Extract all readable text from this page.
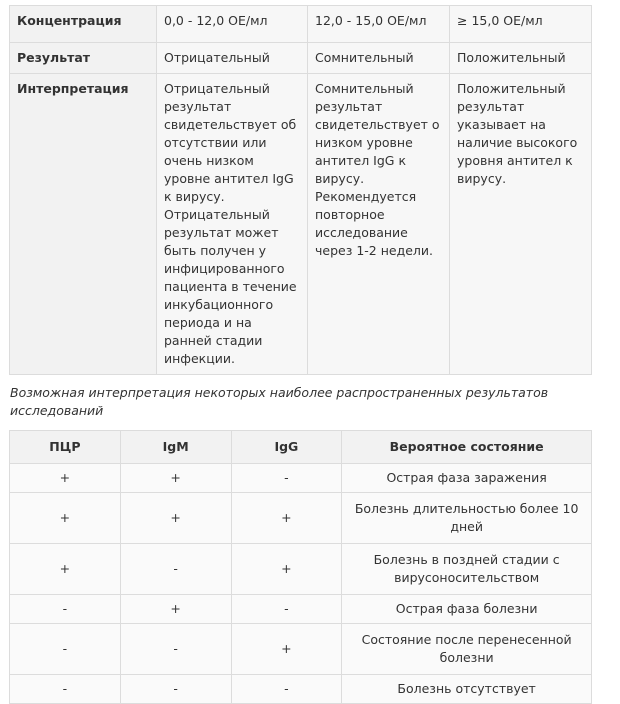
Концентрация	0,0 - 12,0 ОЕ/мл	12,0 - 15,0 ОЕ/мл	≥ 15,0 ОЕ/мл
Результат	Отрицательный	Сомнительный	Положительный
Интерпретация	Отрицательный результат свидетельствует об отсутствии или очень низком уровне антител IgG к вирусу. Отрицательный результат может быть получен у инфицированного пациента в течение инкубационного периода и на ранней стадии инфекции.	Сомнительный результат свидетельствует о низком уровне антител IgG к вирусу. Рекомендуется повторное исследование через 1-2 недели.	Положительный результат указывает на наличие высокого уровня антител к вирусу.
Возможная интерпретация некоторых наиболее распространенных результатов исследований
ПЦР	IgM	IgG	Вероятное состояние
+	+	-	Острая фаза заражения
+	+	+	Болезнь длительностью более 10 дней
+	-	+	Болезнь в поздней стадии с вирусоносительством
-	+	-	Острая фаза болезни
-	-	+	Состояние после перенесенной болезни
-	-	-	Болезнь отсутствует
